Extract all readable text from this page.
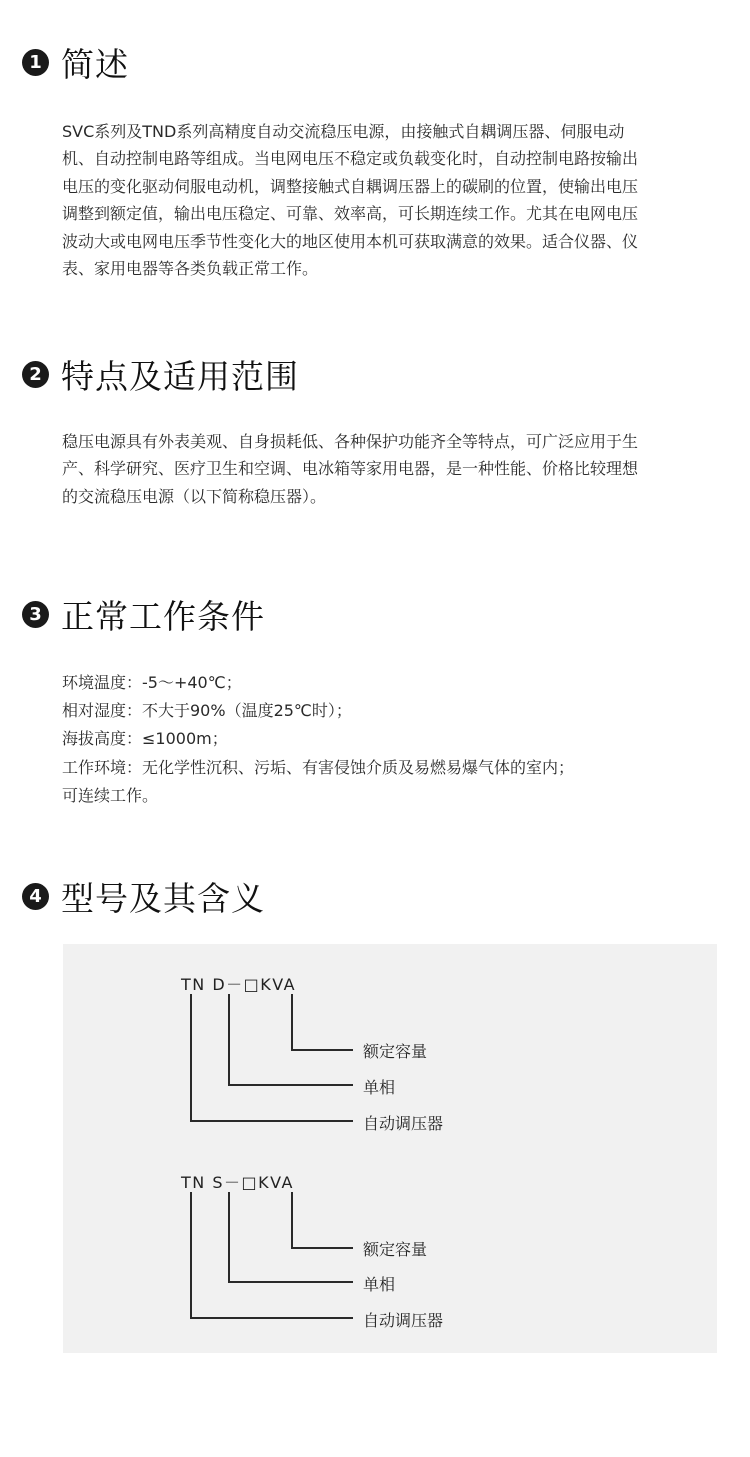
1 简述
SVC系列及TND系列高精度自动交流稳压电源，由接触式自耦调压器、伺服电动
机、自动控制电路等组成。当电网电压不稳定或负载变化时，自动控制电路按输出
电压的变化驱动伺服电动机，调整接触式自耦调压器上的碳刷的位置，使输出电压
调整到额定值，输出电压稳定、可靠、效率高，可长期连续工作。尤其在电网电压
波动大或电网电压季节性变化大的地区使用本机可获取满意的效果。适合仪器、仪
表、家用电器等各类负载正常工作。
2 特点及适用范围
稳压电源具有外表美观、自身损耗低、各种保护功能齐全等特点，可广泛应用于生
产、科学研究、医疗卫生和空调、电冰箱等家用电器，是一种性能、价格比较理想
的交流稳压电源（以下简称稳压器）。
3 正常工作条件
环境温度：-5～+40℃；
相对湿度：不大于90%（温度25℃时）；
海拔高度：≤1000m；
工作环境：无化学性沉积、污垢、有害侵蚀介质及易燃易爆气体的室内；
可连续工作。
4 型号及其含义
TN D－□KVA
额定容量
单相
自动调压器
TN S－□KVA
额定容量
单相
自动调压器
